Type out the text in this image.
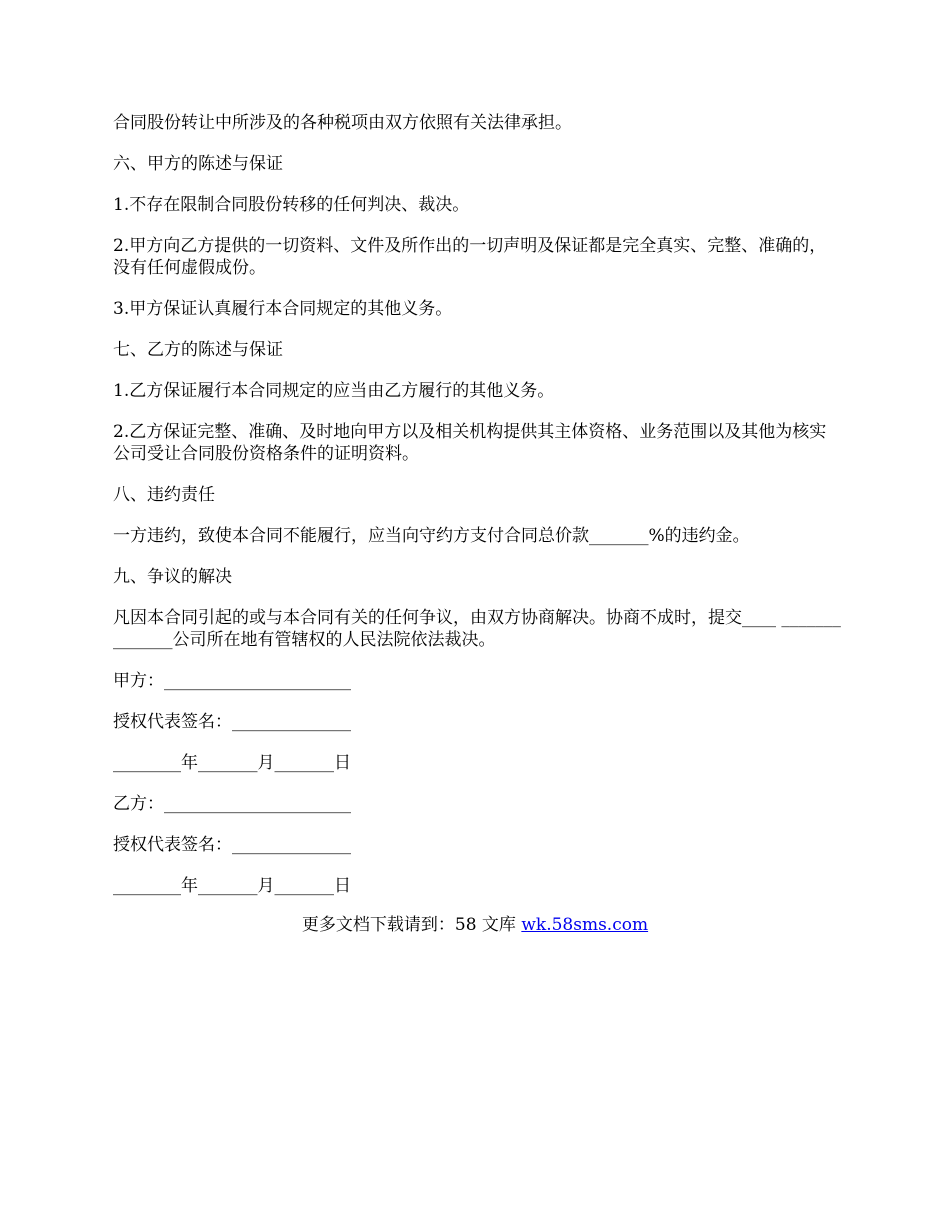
合同股份转让中所涉及的各种税项由双方依照有关法律承担。

六、甲方的陈述与保证

1.不存在限制合同股份转移的任何判决、裁决。

2.甲方向乙方提供的一切资料、文件及所作出的一切声明及保证都是完全真实、完整、准确的，没有任何虚假成份。

3.甲方保证认真履行本合同规定的其他义务。

七、乙方的陈述与保证

1.乙方保证履行本合同规定的应当由乙方履行的其他义务。

2.乙方保证完整、准确、及时地向甲方以及相关机构提供其主体资格、业务范围以及其他为核实公司受让合同股份资格条件的证明资料。

八、违约责任

一方违约，致使本合同不能履行，应当向守约方支付合同总价款_______%的违约金。

九、争议的解决

凡因本合同引起的或与本合同有关的任何争议，由双方协商解决。协商不成时，提交____ ______________公司所在地有管辖权的人民法院依法裁决。

甲方：______________________

授权代表签名：______________

________年_______月_______日

乙方：______________________

授权代表签名：______________

________年_______月_______日

更多文档下载请到：58 文库 wk.58sms.com
